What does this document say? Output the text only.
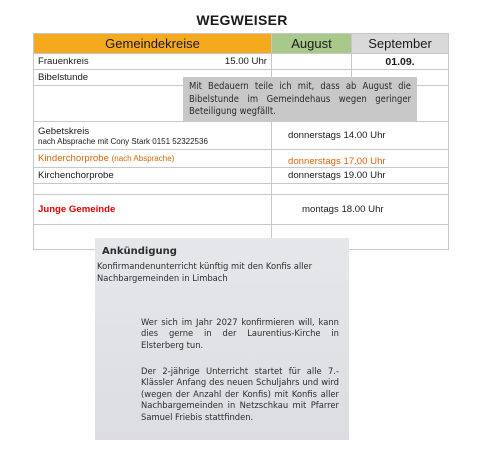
WEGWEISER
Gemeindekreise	August	September
Frauenkreis 15.00 Uhr		01.09.
Bibelstunde		

Gebetskreis
nach Absprache mit Cony Stark 0151 52322536	donnerstags 14.00 Uhr	
Kinderchorprobe (nach Absprache)	donnerstags 17.00 Uhr	
Kirchenchorprobe	donnerstags 19.00 Uhr	

Junge Gemeinde	montags 18.00 Uhr	

Mit Bedauern teile ich mit, dass ab August die Bibelstunde im Gemeindehaus wegen geringer Beteiligung wegfällt.
Ankündigung
Konfirmandenunterricht künftig mit den Konfis aller Nachbargemeinden in Limbach
Wer sich im Jahr 2027 konfirmieren will, kann dies gerne in der Laurentius-Kirche in Elsterberg tun.
Der 2-jährige Unterricht startet für alle 7.-Klässler Anfang des neuen Schuljahrs und wird (wegen der Anzahl der Konfis) mit Konfis aller Nachbargemeinden in Netzschkau mit Pfarrer Samuel Friebis stattfinden.
